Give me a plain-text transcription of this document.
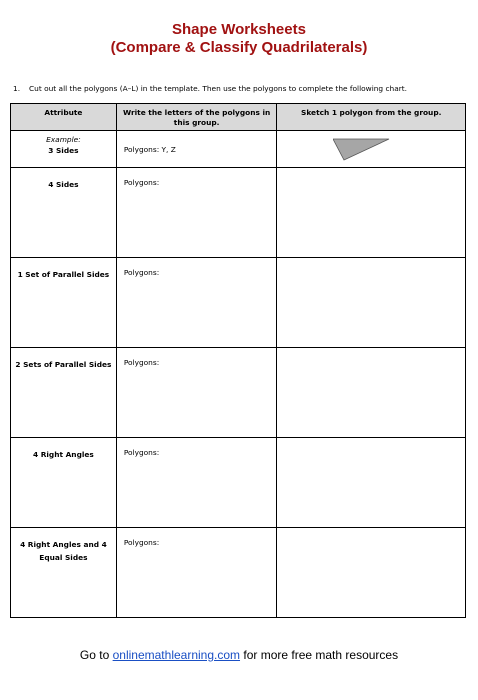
Shape Worksheets
(Compare & Classify Quadrilaterals)
1. Cut out all the polygons (A–L) in the template. Then use the polygons to complete the following chart.
Attribute	Write the letters of the polygons in this group.	Sketch 1 polygon from the group.

Example:
3 Sides	Polygons: Y, Z	

4 Sides	Polygons:	
1 Set of Parallel Sides	Polygons:	
2 Sets of Parallel Sides	Polygons:	
4 Right Angles	Polygons:	
4 Right Angles and 4 Equal Sides	Polygons:	
Go to onlinemathlearning.com for more free math resources
